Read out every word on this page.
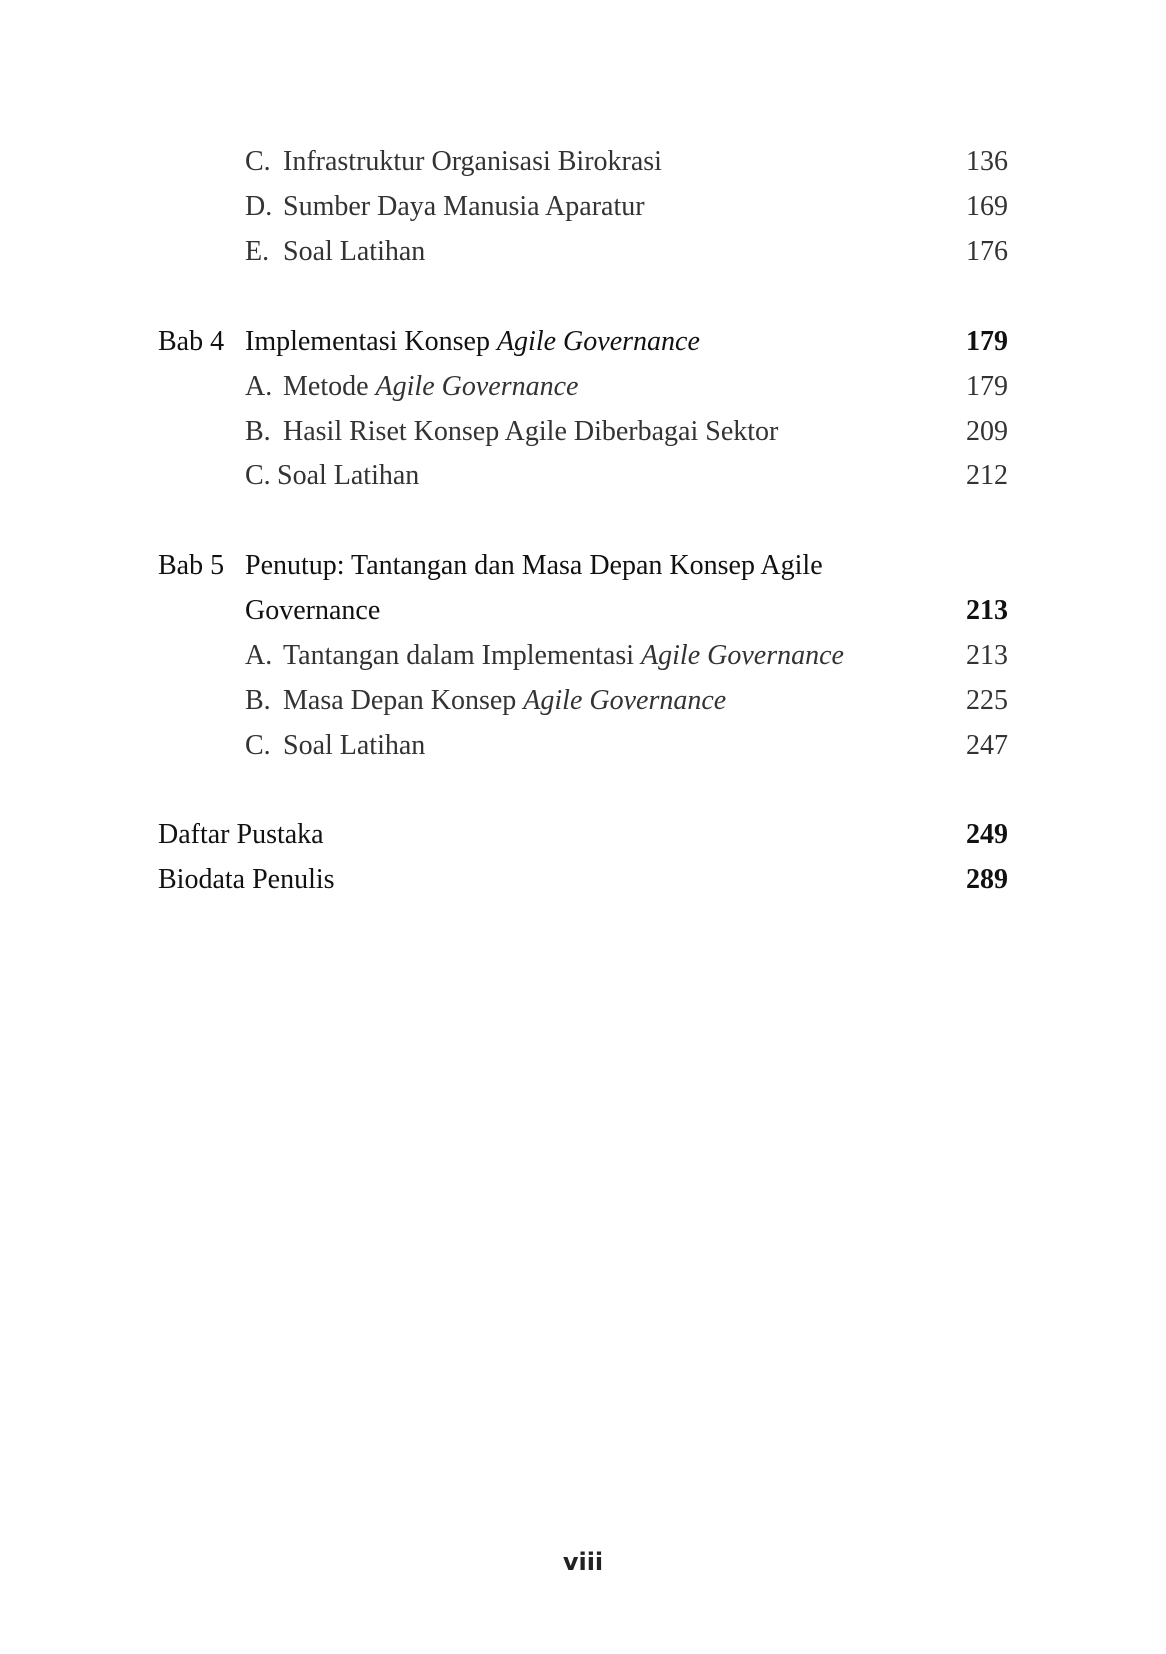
C. Infrastruktur Organisasi Birokrasi	136
D. Sumber Daya Manusia Aparatur	169
E. Soal Latihan	176
Bab 4 Implementasi Konsep Agile Governance	179
A. Metode Agile Governance	179
B. Hasil Riset Konsep Agile Diberbagai Sektor	209
C. Soal Latihan	212
Bab 5 Penutup: Tantangan dan Masa Depan Konsep Agile
Governance	213
A. Tantangan dalam Implementasi Agile Governance	213
B. Masa Depan Konsep Agile Governance	225
C. Soal Latihan	247
Daftar Pustaka	249
Biodata Penulis	289
viii
